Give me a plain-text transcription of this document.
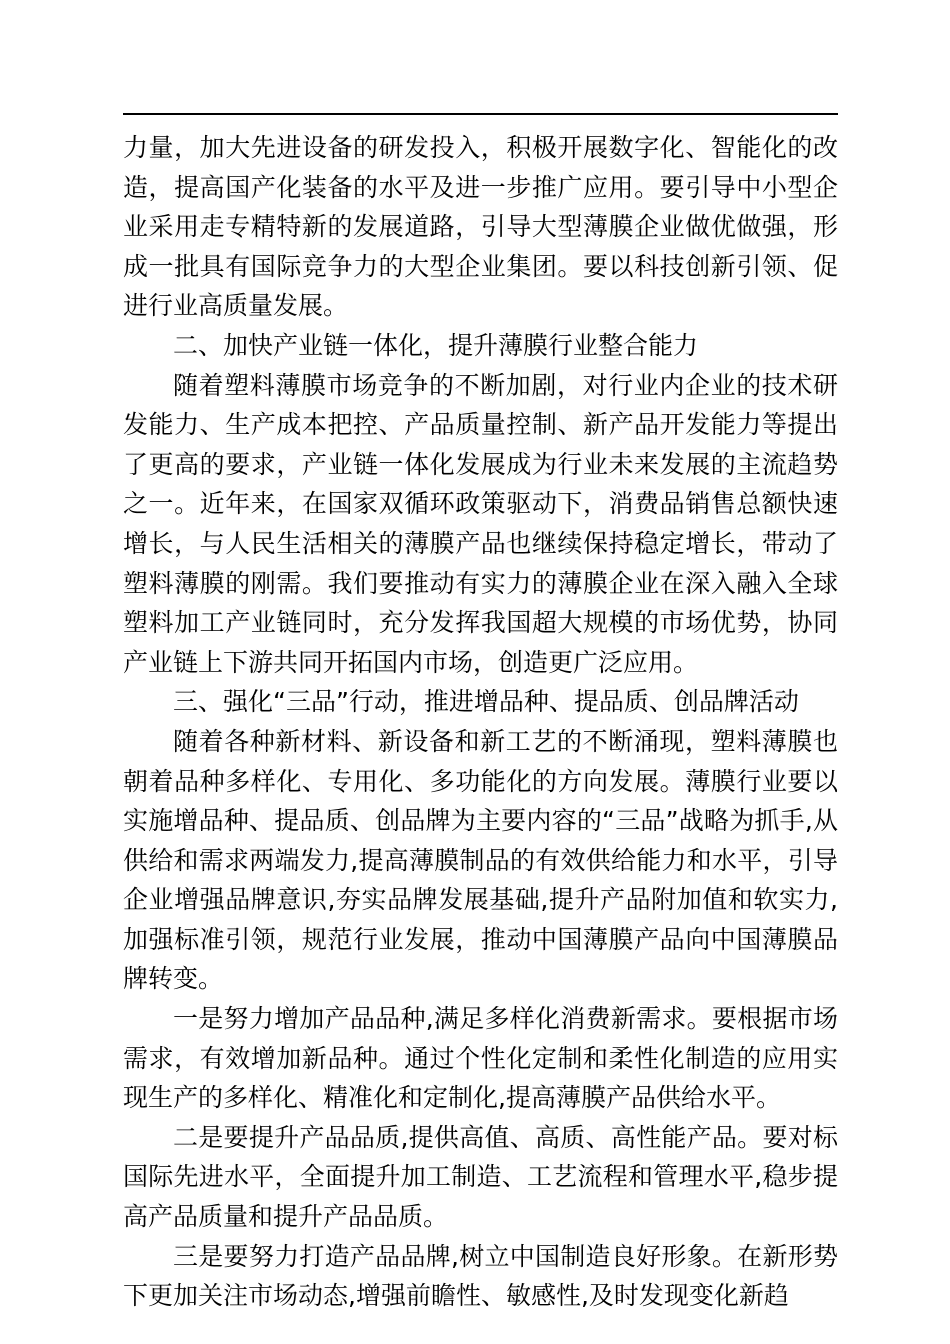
力量，加大先进设备的研发投入，积极开展数字化、智能化的改造，提高国产化装备的水平及进一步推广应用。要引导中小型企业采用走专精特新的发展道路，引导大型薄膜企业做优做强，形成一批具有国际竞争力的大型企业集团。要以科技创新引领、促进行业高质量发展。

二、加快产业链一体化，提升薄膜行业整合能力

随着塑料薄膜市场竞争的不断加剧，对行业内企业的技术研发能力、生产成本把控、产品质量控制、新产品开发能力等提出了更高的要求，产业链一体化发展成为行业未来发展的主流趋势之一。近年来，在国家双循环政策驱动下，消费品销售总额快速增长，与人民生活相关的薄膜产品也继续保持稳定增长，带动了塑料薄膜的刚需。我们要推动有实力的薄膜企业在深入融入全球塑料加工产业链同时，充分发挥我国超大规模的市场优势，协同产业链上下游共同开拓国内市场，创造更广泛应用。

三、强化“三品”行动，推进增品种、提品质、创品牌活动

随着各种新材料、新设备和新工艺的不断涌现，塑料薄膜也朝着品种多样化、专用化、多功能化的方向发展。薄膜行业要以实施增品种、提品质、创品牌为主要内容的“三品”战略为抓手,从供给和需求两端发力,提高薄膜制品的有效供给能力和水平，引导企业增强品牌意识,夯实品牌发展基础,提升产品附加值和软实力,加强标准引领，规范行业发展，推动中国薄膜产品向中国薄膜品牌转变。

一是努力增加产品品种,满足多样化消费新需求。要根据市场需求，有效增加新品种。通过个性化定制和柔性化制造的应用实现生产的多样化、精准化和定制化,提高薄膜产品供给水平。

二是要提升产品品质,提供高值、高质、高性能产品。要对标国际先进水平，全面提升加工制造、工艺流程和管理水平,稳步提高产品质量和提升产品品质。

三是要努力打造产品品牌,树立中国制造良好形象。在新形势下更加关注市场动态,增强前瞻性、敏感性,及时发现变化新趋
